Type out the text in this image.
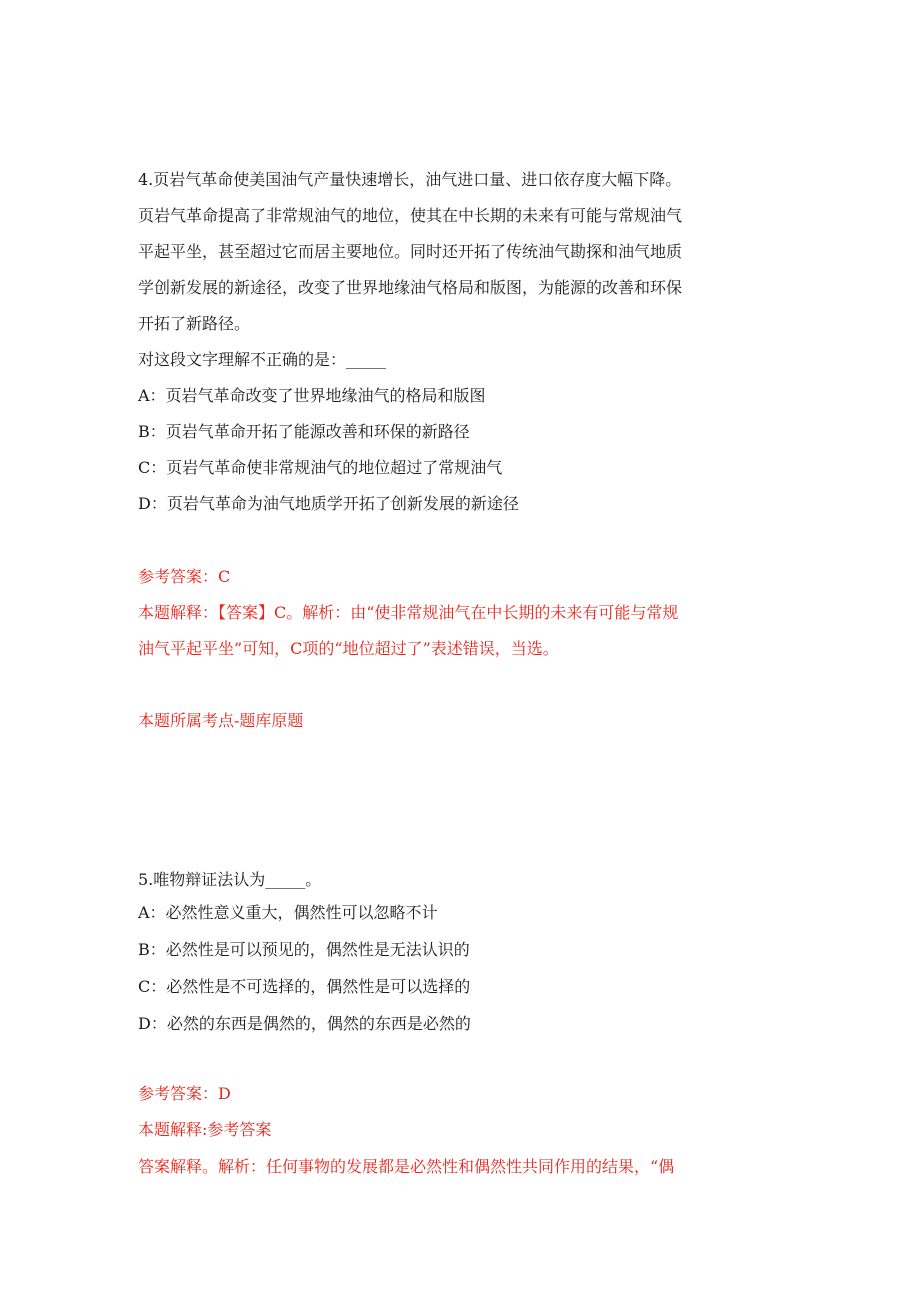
4.页岩气革命使美国油气产量快速增长，油气进口量、进口依存度大幅下降。
页岩气革命提高了非常规油气的地位，使其在中长期的未来有可能与常规油气
平起平坐，甚至超过它而居主要地位。同时还开拓了传统油气勘探和油气地质
学创新发展的新途径，改变了世界地缘油气格局和版图，为能源的改善和环保
开拓了新路径。
对这段文字理解不正确的是：_____
A：页岩气革命改变了世界地缘油气的格局和版图
B：页岩气革命开拓了能源改善和环保的新路径
C：页岩气革命使非常规油气的地位超过了常规油气
D：页岩气革命为油气地质学开拓了创新发展的新途径
参考答案：C
本题解释：【答案】C。解析：由“使非常规油气在中长期的未来有可能与常规
油气平起平坐”可知，C项的“地位超过了”表述错误，当选。
本题所属考点-题库原题
5.唯物辩证法认为_____。
A：必然性意义重大，偶然性可以忽略不计
B：必然性是可以预见的，偶然性是无法认识的
C：必然性是不可选择的，偶然性是可以选择的
D：必然的东西是偶然的，偶然的东西是必然的
参考答案：D
本题解释:参考答案
答案解释。解析：任何事物的发展都是必然性和偶然性共同作用的结果，“偶
